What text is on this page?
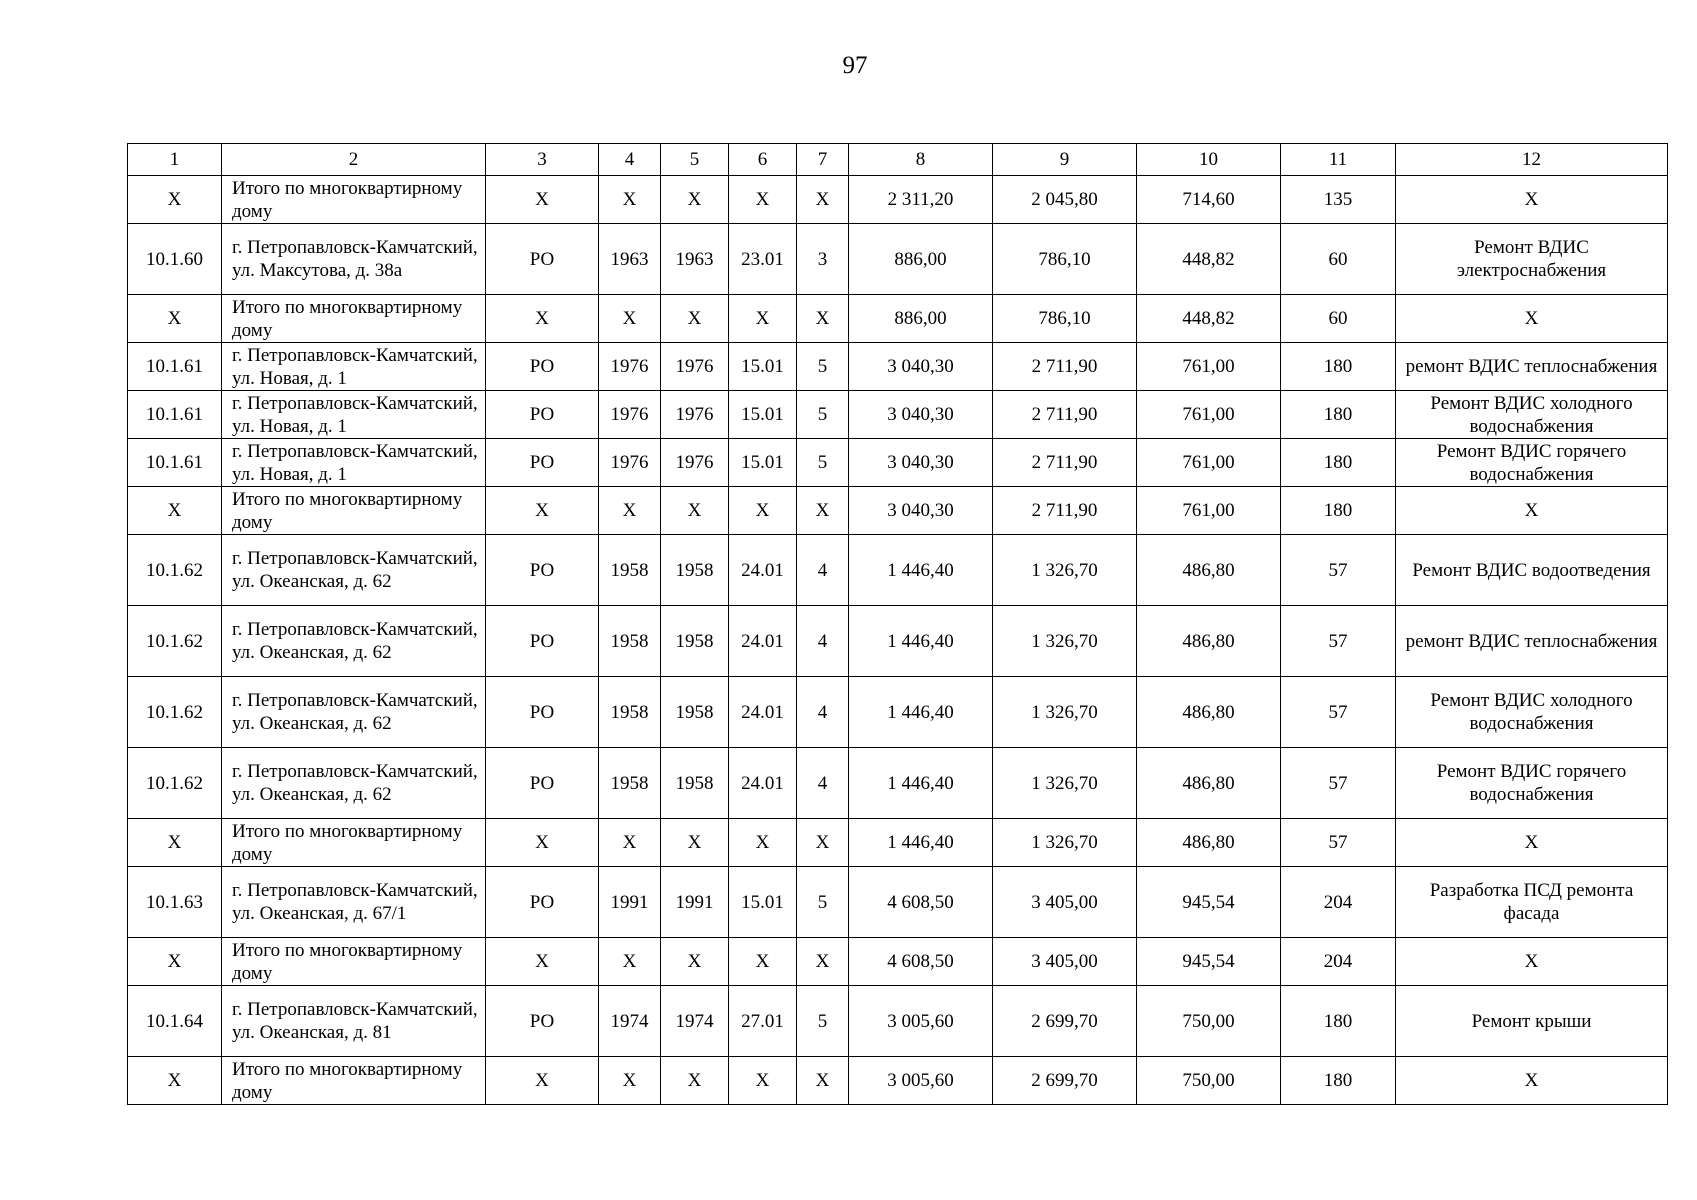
97
1	2	3	4	5	6	7	8	9	10	11	12
X	Итого по многоквартирному дому	X	X	X	X	X	2 311,20	2 045,80	714,60	135	X
10.1.60	г. Петропавловск-Камчатский, ул. Максутова, д. 38а	РО	1963	1963	23.01	3	886,00	786,10	448,82	60	Ремонт ВДИС электроснабжения
X	Итого по многоквартирному дому	X	X	X	X	X	886,00	786,10	448,82	60	X
10.1.61	г. Петропавловск-Камчатский, ул. Новая, д. 1	РО	1976	1976	15.01	5	3 040,30	2 711,90	761,00	180	ремонт ВДИС теплоснабжения
10.1.61	г. Петропавловск-Камчатский, ул. Новая, д. 1	РО	1976	1976	15.01	5	3 040,30	2 711,90	761,00	180	Ремонт ВДИС холодного водоснабжения
10.1.61	г. Петропавловск-Камчатский, ул. Новая, д. 1	РО	1976	1976	15.01	5	3 040,30	2 711,90	761,00	180	Ремонт ВДИС горячего водоснабжения
X	Итого по многоквартирному дому	X	X	X	X	X	3 040,30	2 711,90	761,00	180	X
10.1.62	г. Петропавловск-Камчатский, ул. Океанская, д. 62	РО	1958	1958	24.01	4	1 446,40	1 326,70	486,80	57	Ремонт ВДИС водоотведения
10.1.62	г. Петропавловск-Камчатский, ул. Океанская, д. 62	РО	1958	1958	24.01	4	1 446,40	1 326,70	486,80	57	ремонт ВДИС теплоснабжения
10.1.62	г. Петропавловск-Камчатский, ул. Океанская, д. 62	РО	1958	1958	24.01	4	1 446,40	1 326,70	486,80	57	Ремонт ВДИС холодного водоснабжения
10.1.62	г. Петропавловск-Камчатский, ул. Океанская, д. 62	РО	1958	1958	24.01	4	1 446,40	1 326,70	486,80	57	Ремонт ВДИС горячего водоснабжения
X	Итого по многоквартирному дому	X	X	X	X	X	1 446,40	1 326,70	486,80	57	X
10.1.63	г. Петропавловск-Камчатский, ул. Океанская, д. 67/1	РО	1991	1991	15.01	5	4 608,50	3 405,00	945,54	204	Разработка ПСД ремонта фасада
X	Итого по многоквартирному дому	X	X	X	X	X	4 608,50	3 405,00	945,54	204	X
10.1.64	г. Петропавловск-Камчатский, ул. Океанская, д. 81	РО	1974	1974	27.01	5	3 005,60	2 699,70	750,00	180	Ремонт крыши
X	Итого по многоквартирному дому	X	X	X	X	X	3 005,60	2 699,70	750,00	180	X
